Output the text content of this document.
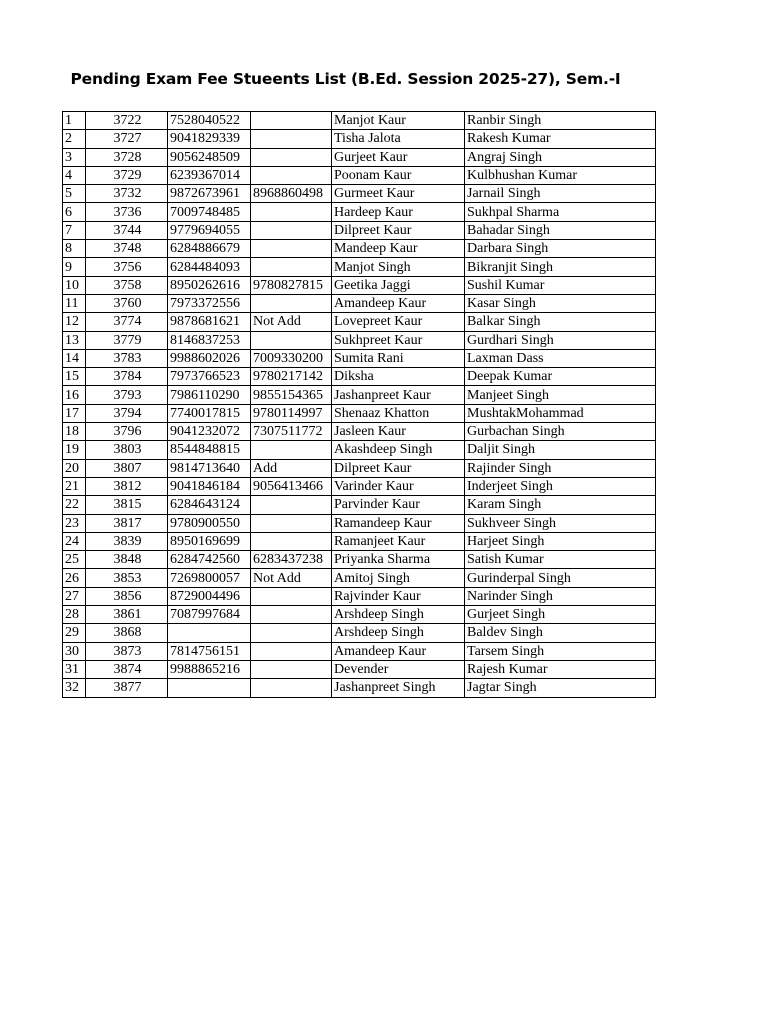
Pending Exam Fee Stueents List (B.Ed. Session 2025-27), Sem.-I
1	3722	7528040522		Manjot Kaur	Ranbir Singh
2	3727	9041829339		Tisha Jalota	Rakesh Kumar
3	3728	9056248509		Gurjeet Kaur	Angraj Singh
4	3729	6239367014		Poonam Kaur	Kulbhushan Kumar
5	3732	9872673961	8968860498	Gurmeet Kaur	Jarnail Singh
6	3736	7009748485		Hardeep Kaur	Sukhpal Sharma
7	3744	9779694055		Dilpreet Kaur	Bahadar Singh
8	3748	6284886679		Mandeep Kaur	Darbara Singh
9	3756	6284484093		Manjot Singh	Bikranjit Singh
10	3758	8950262616	9780827815	Geetika Jaggi	Sushil Kumar
11	3760	7973372556		Amandeep Kaur	Kasar Singh
12	3774	9878681621	Not Add	Lovepreet Kaur	Balkar Singh
13	3779	8146837253		Sukhpreet Kaur	Gurdhari Singh
14	3783	9988602026	7009330200	Sumita Rani	Laxman Dass
15	3784	7973766523	9780217142	Diksha	Deepak Kumar
16	3793	7986110290	9855154365	Jashanpreet Kaur	Manjeet Singh
17	3794	7740017815	9780114997	Shenaaz Khatton	MushtakMohammad
18	3796	9041232072	7307511772	Jasleen Kaur	Gurbachan Singh
19	3803	8544848815		Akashdeep Singh	Daljit Singh
20	3807	9814713640	Add	Dilpreet Kaur	Rajinder Singh
21	3812	9041846184	9056413466	Varinder Kaur	Inderjeet Singh
22	3815	6284643124		Parvinder Kaur	Karam Singh
23	3817	9780900550		Ramandeep Kaur	Sukhveer Singh
24	3839	8950169699		Ramanjeet Kaur	Harjeet Singh
25	3848	6284742560	6283437238	Priyanka Sharma	Satish Kumar
26	3853	7269800057	Not Add	Amitoj Singh	Gurinderpal Singh
27	3856	8729004496		Rajvinder Kaur	Narinder Singh
28	3861	7087997684		Arshdeep Singh	Gurjeet Singh
29	3868			Arshdeep Singh	Baldev Singh
30	3873	7814756151		Amandeep Kaur	Tarsem Singh
31	3874	9988865216		Devender	Rajesh Kumar
32	3877			Jashanpreet Singh	Jagtar Singh
